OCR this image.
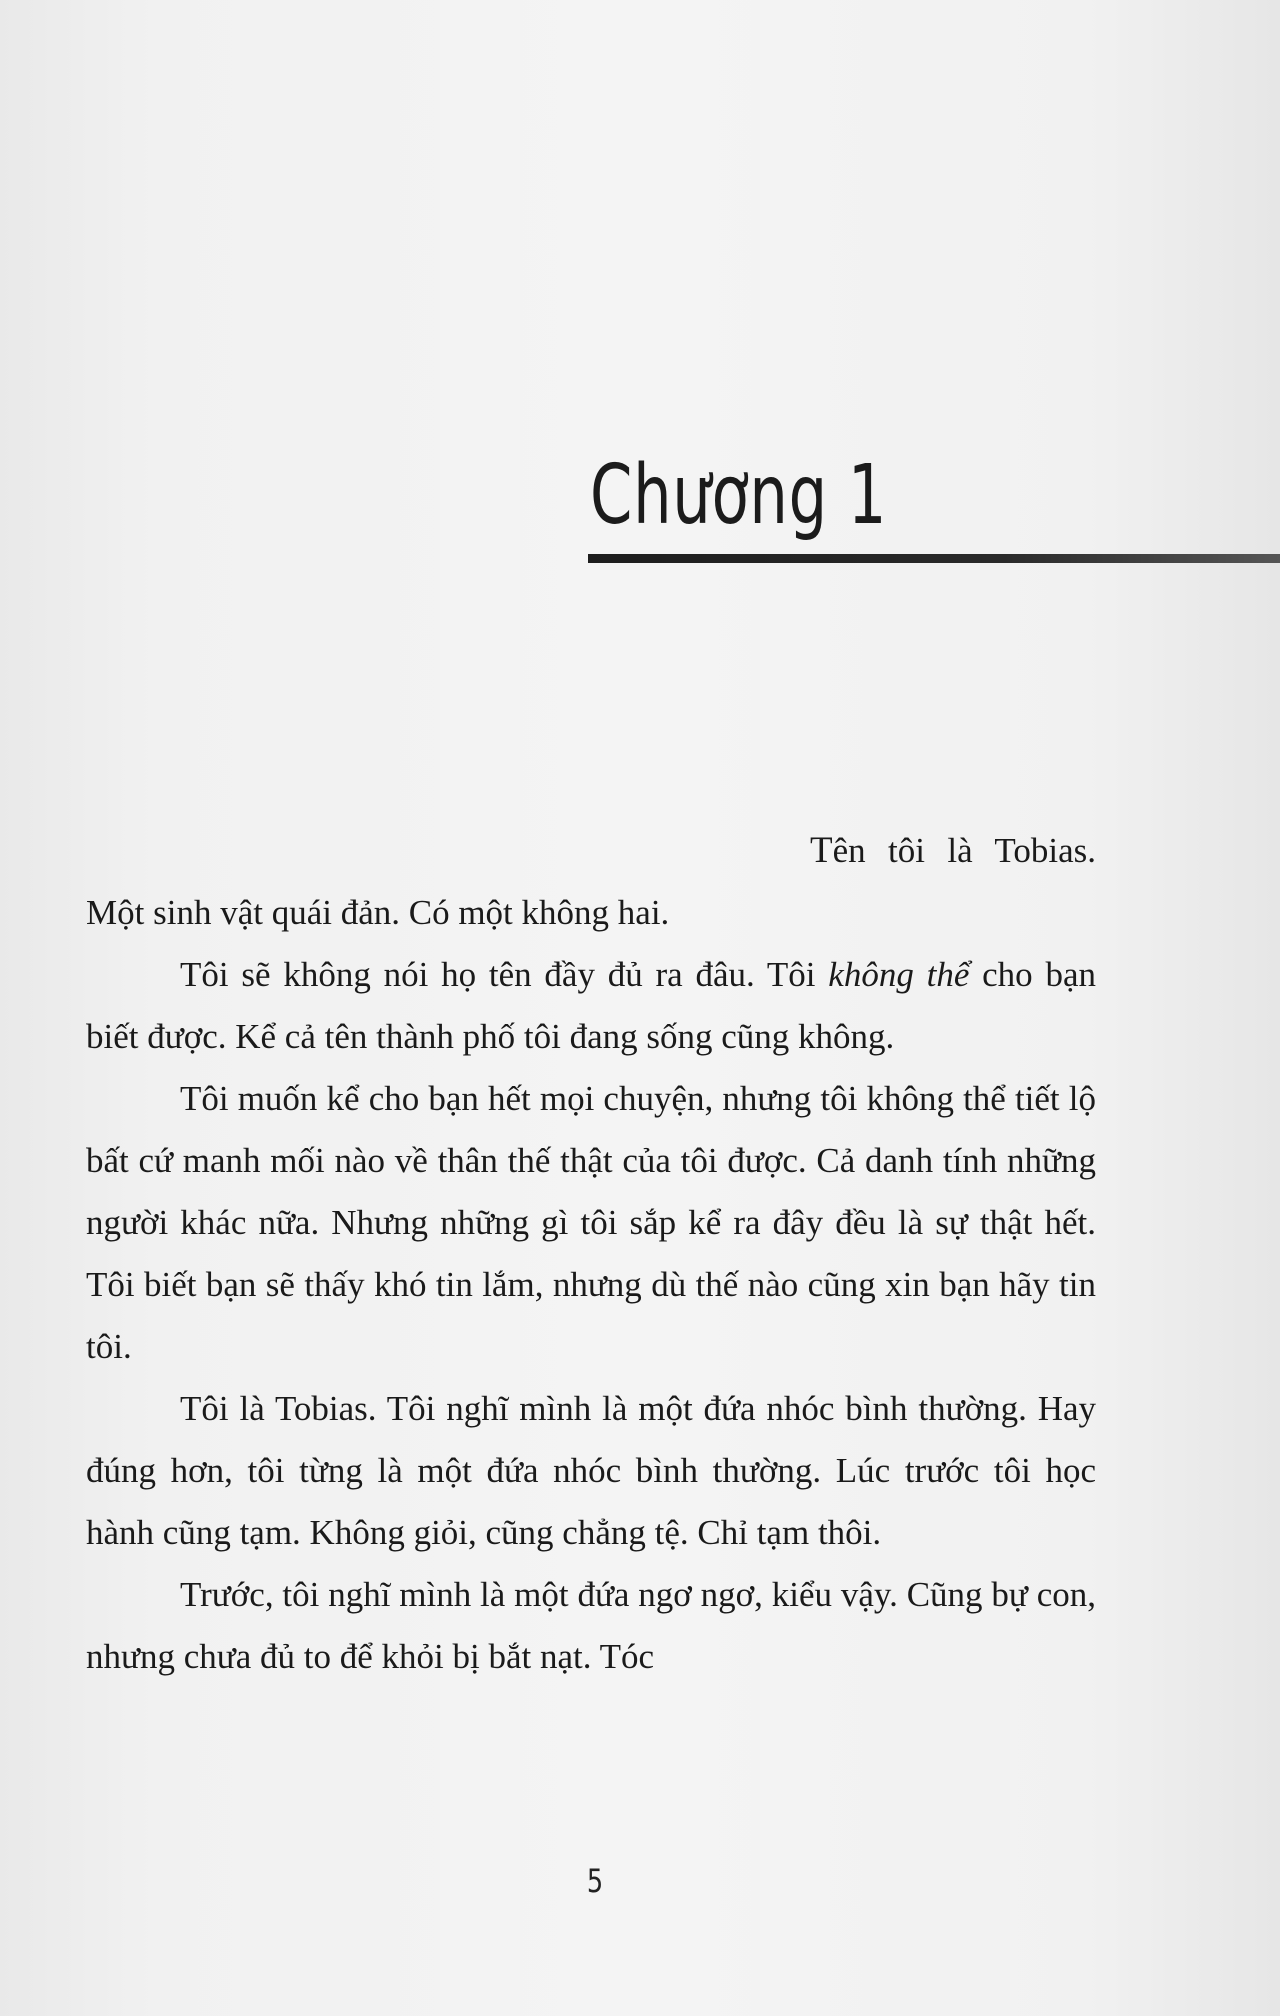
Chương 1

Tên tôi là Tobias. Một sinh vật quái đản. Có một không hai.

Tôi sẽ không nói họ tên đầy đủ ra đâu. Tôi không thể cho bạn biết được. Kể cả tên thành phố tôi đang sống cũng không.

Tôi muốn kể cho bạn hết mọi chuyện, nhưng tôi không thể tiết lộ bất cứ manh mối nào về thân thế thật của tôi được. Cả danh tính những người khác nữa. Nhưng những gì tôi sắp kể ra đây đều là sự thật hết. Tôi biết bạn sẽ thấy khó tin lắm, nhưng dù thế nào cũng xin bạn hãy tin tôi.

Tôi là Tobias. Tôi nghĩ mình là một đứa nhóc bình thường. Hay đúng hơn, tôi từng là một đứa nhóc bình thường. Lúc trước tôi học hành cũng tạm. Không giỏi, cũng chẳng tệ. Chỉ tạm thôi.

Trước, tôi nghĩ mình là một đứa ngơ ngơ, kiểu vậy. Cũng bự con, nhưng chưa đủ to để khỏi bị bắt nạt. Tóc

5
